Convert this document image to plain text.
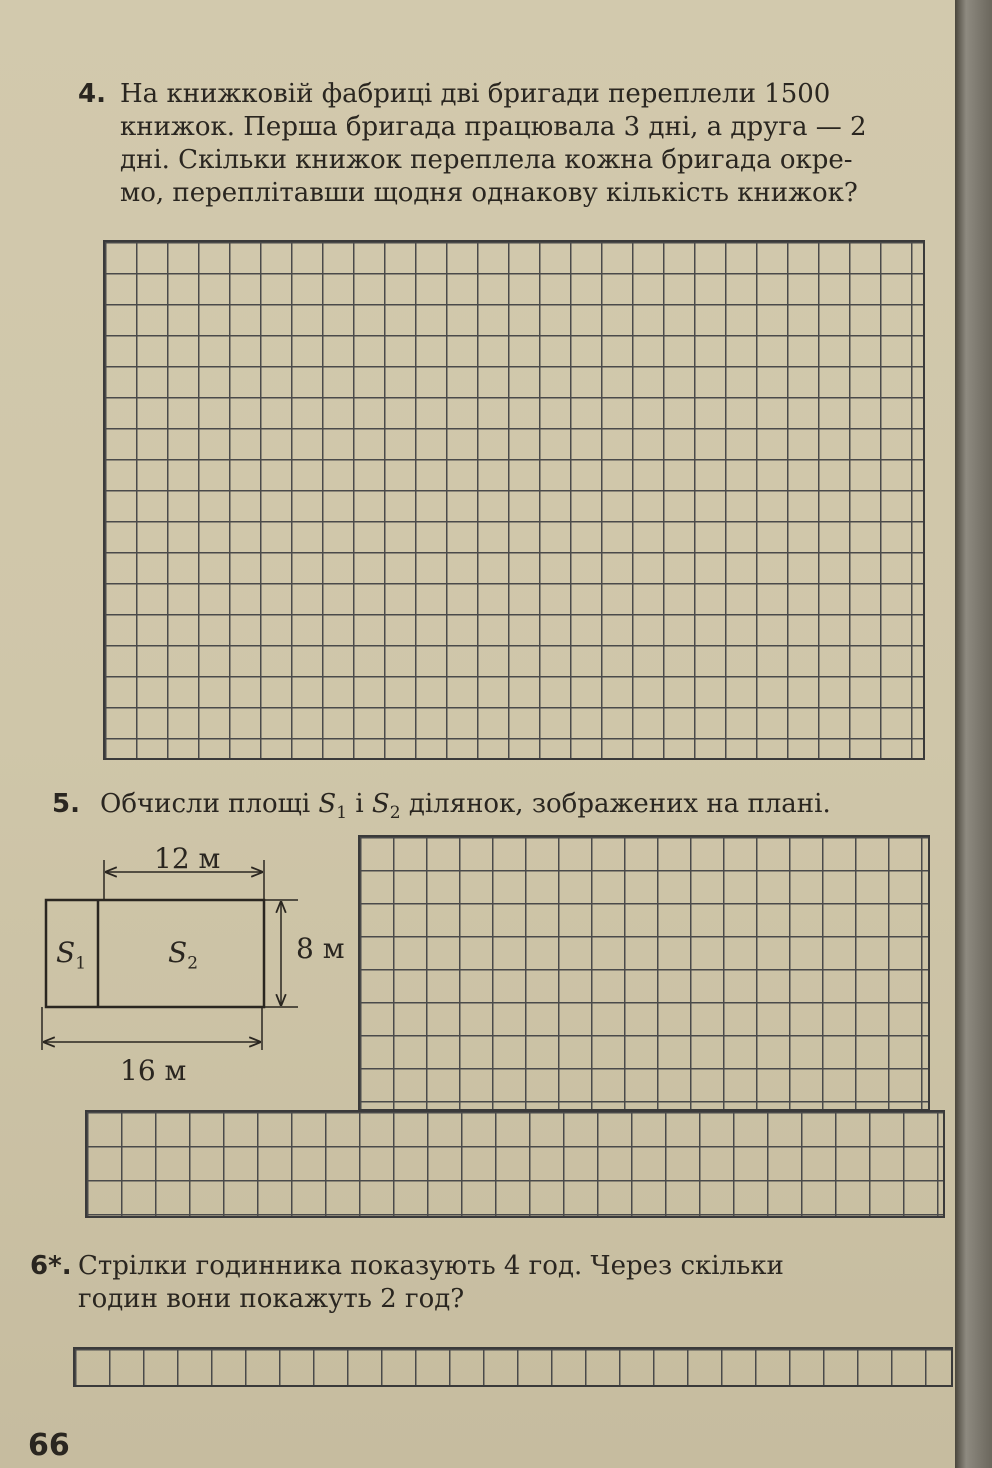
4. На книжковій фабриці дві бригади переплели 1500
книжок. Перша бригада працювала 3 дні, а друга — 2
дні. Скільки книжок переплела кожна бригада окре-
мо, переплітавши щодня однакову кількість книжок?
5. Обчисли площі $S_1$ і $S_2$ ділянок, зображених на плані.
12 м
8 м
16 м
$S_1$	$S_2$
6*. Стрілки годинника показують 4 год. Через скільки
годин вони покажуть 2 год?
66
